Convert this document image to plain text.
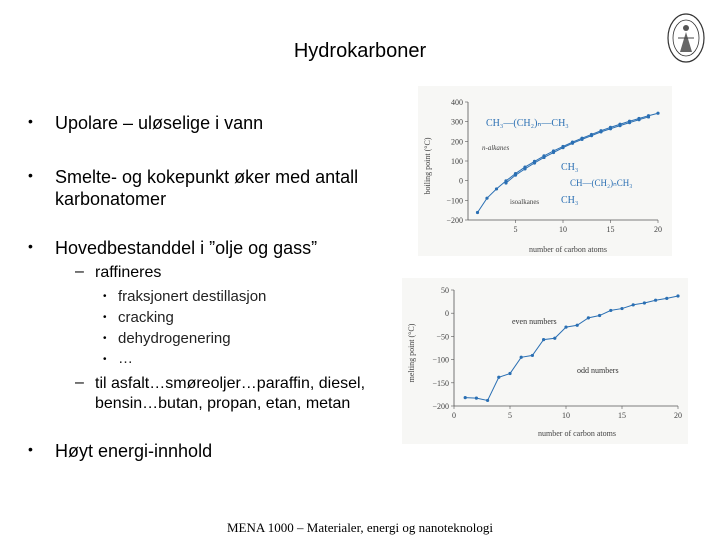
Hydrokarboner
• Upolare – uløselige i vann
• Smelte- og kokepunkt øker med antall
karbonatomer
• Hovedbestanddel i ”olje og gass”
– raffineres
• fraksjonert destillasjon
• cracking
• dehydrogenering
• …
– til asfalt…smøreoljer…paraffin, diesel,
bensin…butan, propan, etan, metan
• Høyt energi-innhold
boiling point (°C)
5	10	15	20
400
300
200
100
0
−100
−200
CH₃—(CH₂)ₙ—CH₃
n-alkanes
CH₃
CH—(CH₂)ₙCH₃
CH₃
isoalkanes
number of carbon atoms
melting point (°C)
0	5	10	15	20
50
0
−50
−100
−150
−200
even numbers
odd numbers
number of carbon atoms
MENA 1000 – Materialer, energi og nanoteknologi
